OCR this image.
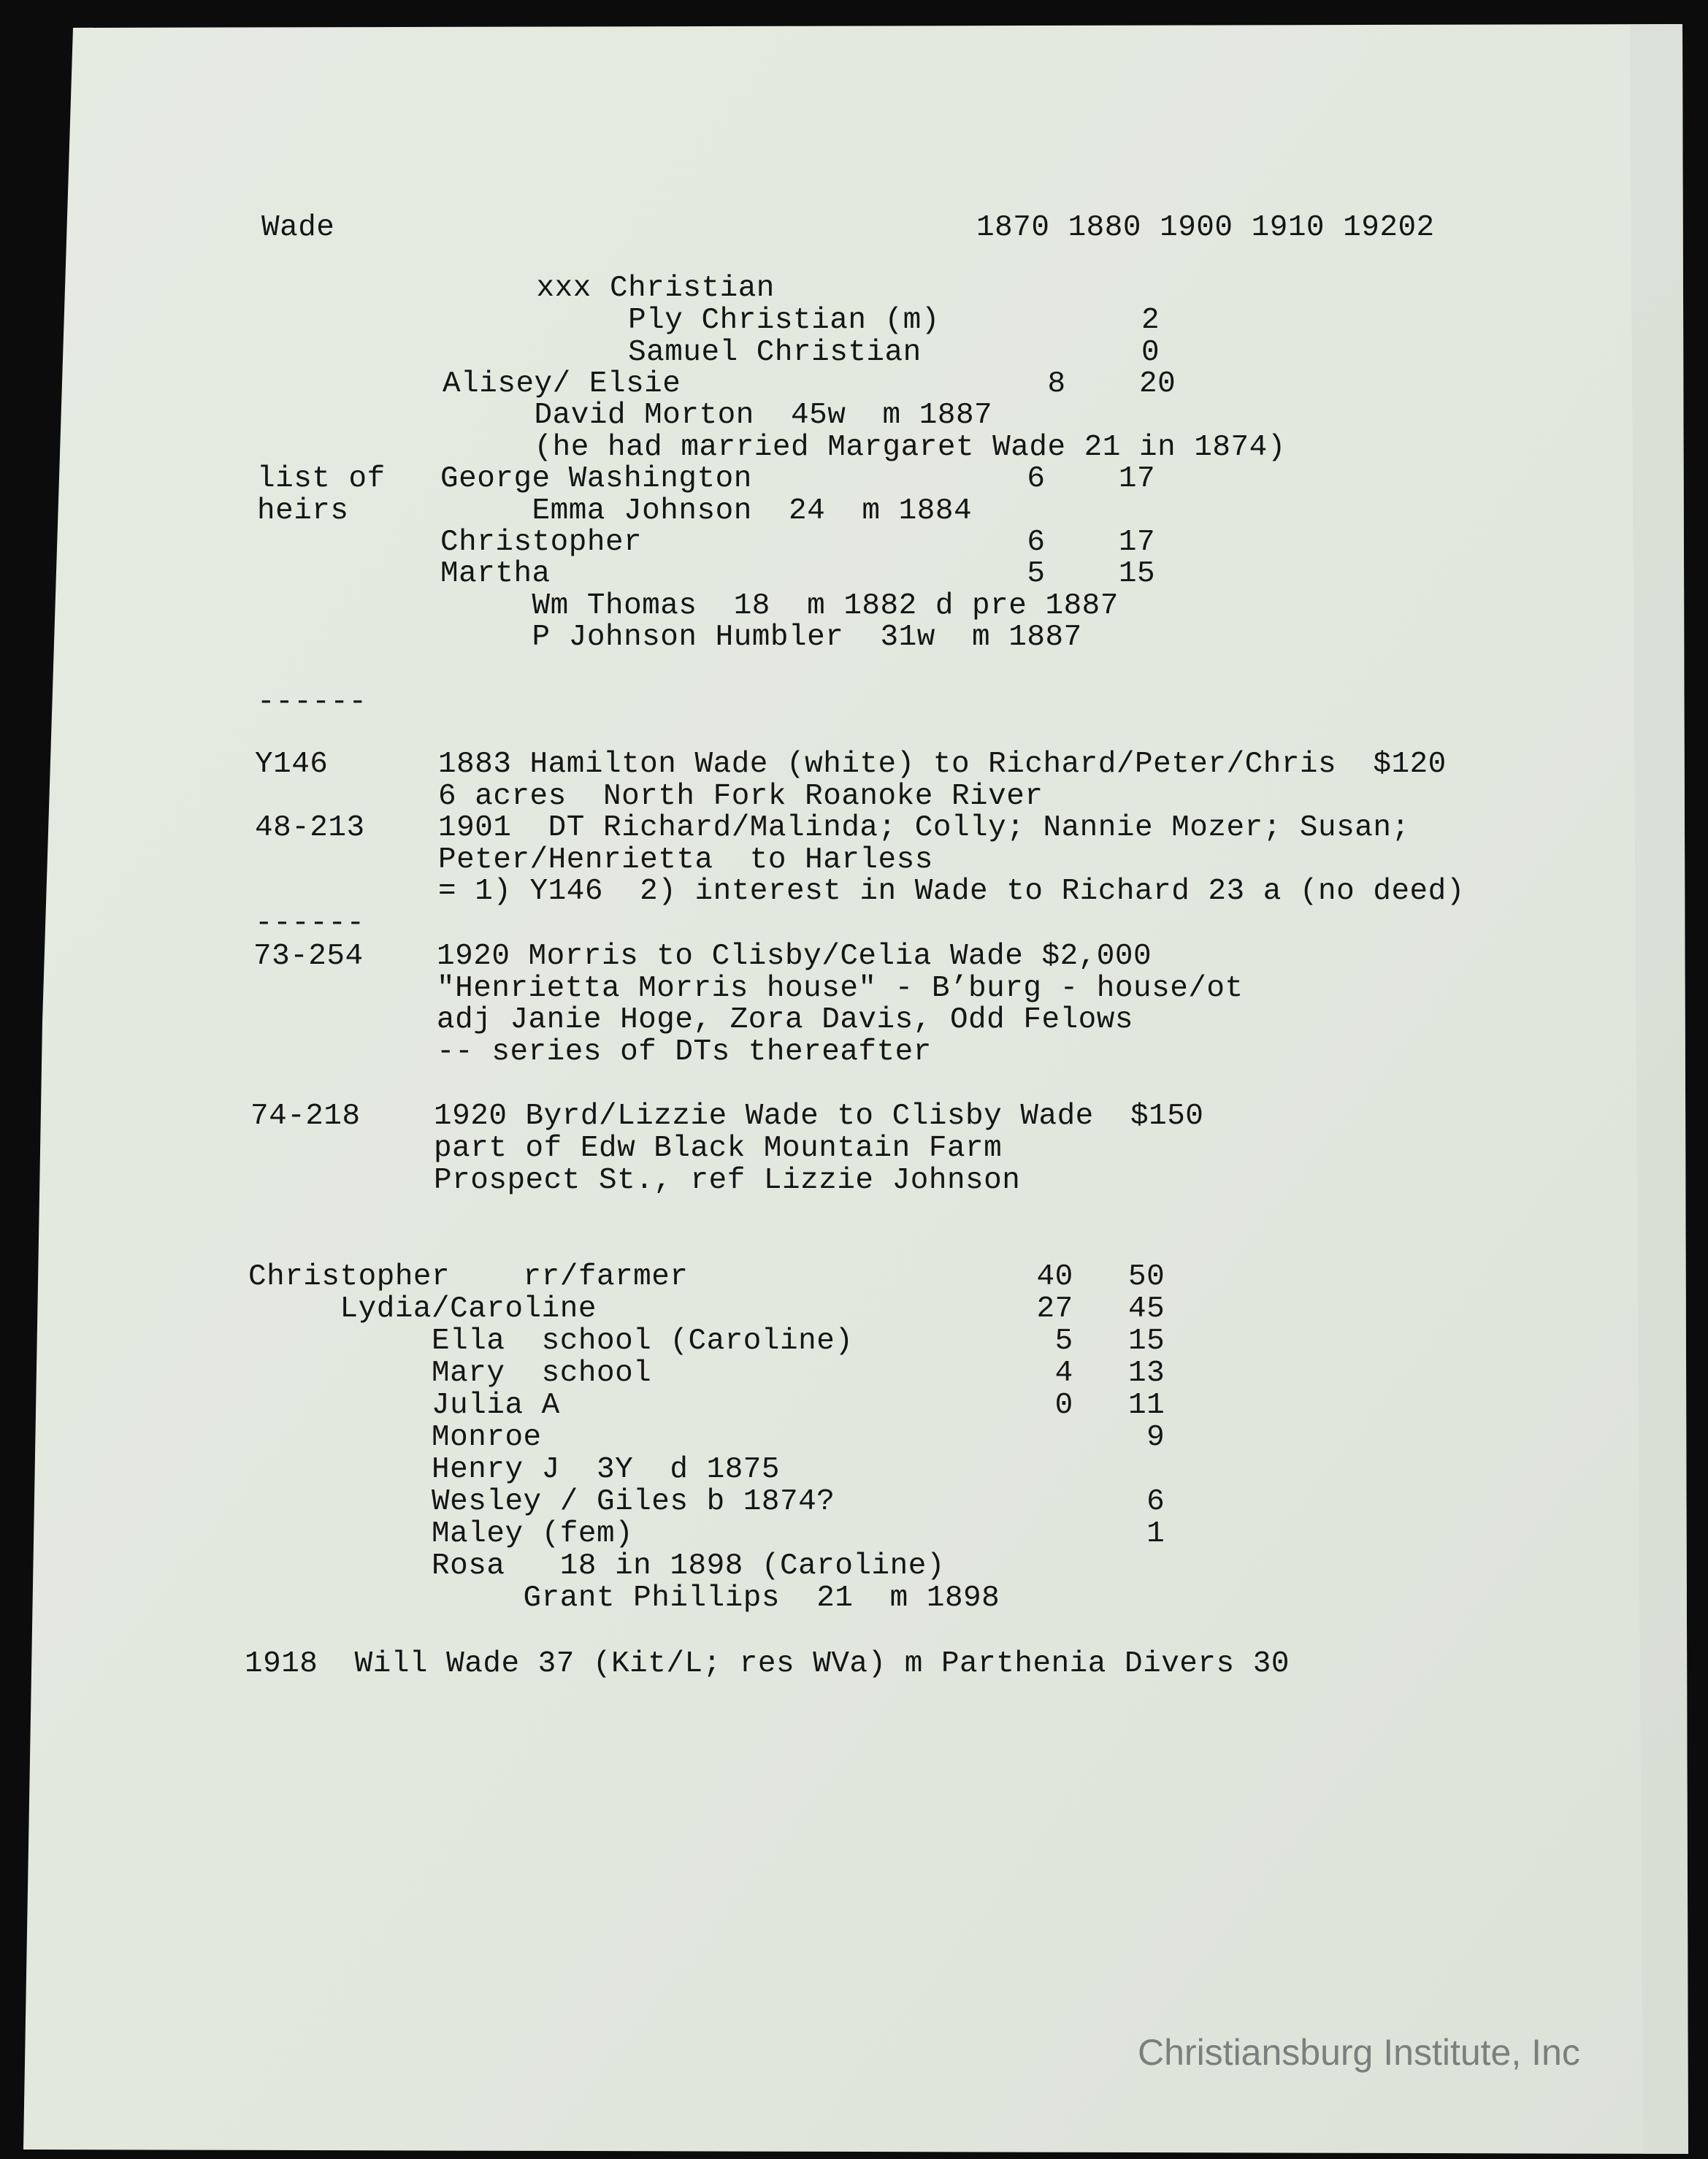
Wade                                   1870 1880 1900 1910 19202

xxx Christian

Ply Christian (m)           2

Samuel Christian            0

Alisey/ Elsie                    8    20

David Morton  45w  m 1887

(he had married Margaret Wade 21 in 1874)

list of   George Washington               6    17

heirs          Emma Johnson  24  m 1884

Christopher                     6    17

Martha                          5    15

Wm Thomas  18  m 1882 d pre 1887

P Johnson Humbler  31w  m 1887

------

Y146      1883 Hamilton Wade (white) to Richard/Peter/Chris  $120

6 acres  North Fork Roanoke River

48-213    1901  DT Richard/Malinda; Colly; Nannie Mozer; Susan;

Peter/Henrietta  to Harless

= 1) Y146  2) interest in Wade to Richard 23 a (no deed)

------

73-254    1920 Morris to Clisby/Celia Wade $2,000

"Henrietta Morris house" - B’burg - house/ot

adj Janie Hoge, Zora Davis, Odd Felows

-- series of DTs thereafter

74-218    1920 Byrd/Lizzie Wade to Clisby Wade  $150

part of Edw Black Mountain Farm

Prospect St., ref Lizzie Johnson

Christopher    rr/farmer                   40   50

Lydia/Caroline                        27   45

Ella  school (Caroline)           5   15

Mary  school                      4   13

Julia A                           0   11

Monroe                                 9

Henry J  3Y  d 1875

Wesley / Giles b 1874?                 6

Maley (fem)                            1

Rosa   18 in 1898 (Caroline)

Grant Phillips  21  m 1898

1918  Will Wade 37 (Kit/L; res WVa) m Parthenia Divers 30

Christiansburg Institute, Inc
